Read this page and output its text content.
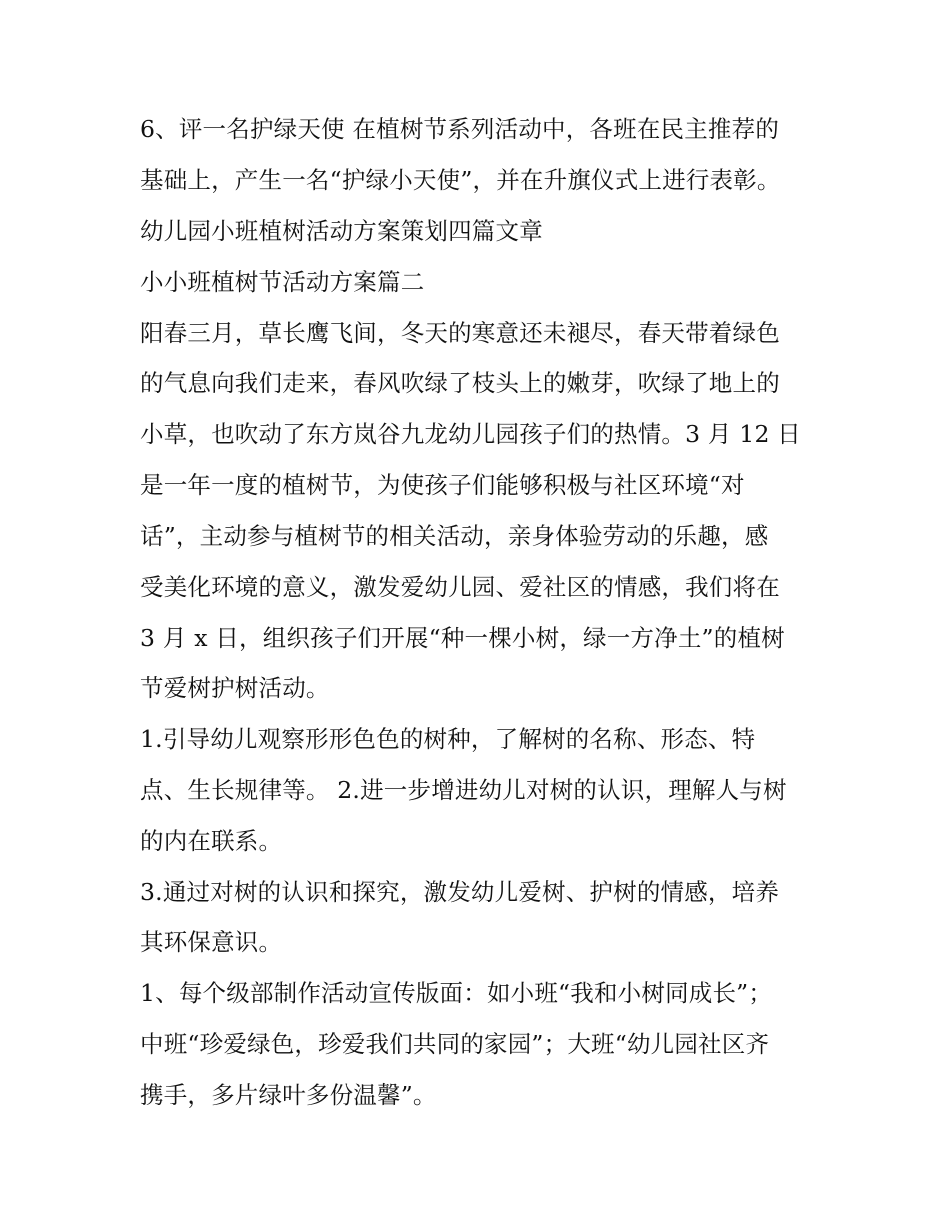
6、评一名护绿天使 在植树节系列活动中，各班在民主推荐的
基础上，产生一名“护绿小天使”，并在升旗仪式上进行表彰。
幼儿园小班植树活动方案策划四篇文章
小小班植树节活动方案篇二
阳春三月，草长鹰飞间，冬天的寒意还未褪尽，春天带着绿色
的气息向我们走来，春风吹绿了枝头上的嫩芽，吹绿了地上的
小草，也吹动了东方岚谷九龙幼儿园孩子们的热情。3 月 12 日
是一年一度的植树节，为使孩子们能够积极与社区环境“对
话”，主动参与植树节的相关活动，亲身体验劳动的乐趣，感
受美化环境的意义，激发爱幼儿园、爱社区的情感，我们将在
3 月 x 日，组织孩子们开展“种一棵小树，绿一方净土”的植树
节爱树护树活动。
1.引导幼儿观察形形色色的树种，了解树的名称、形态、特
点、生长规律等。 2.进一步增进幼儿对树的认识，理解人与树
的内在联系。
3.通过对树的认识和探究，激发幼儿爱树、护树的情感，培养
其环保意识。
1、每个级部制作活动宣传版面：如小班“我和小树同成长”；
中班“珍爱绿色，珍爱我们共同的家园”；大班“幼儿园社区齐
携手，多片绿叶多份温馨”。
